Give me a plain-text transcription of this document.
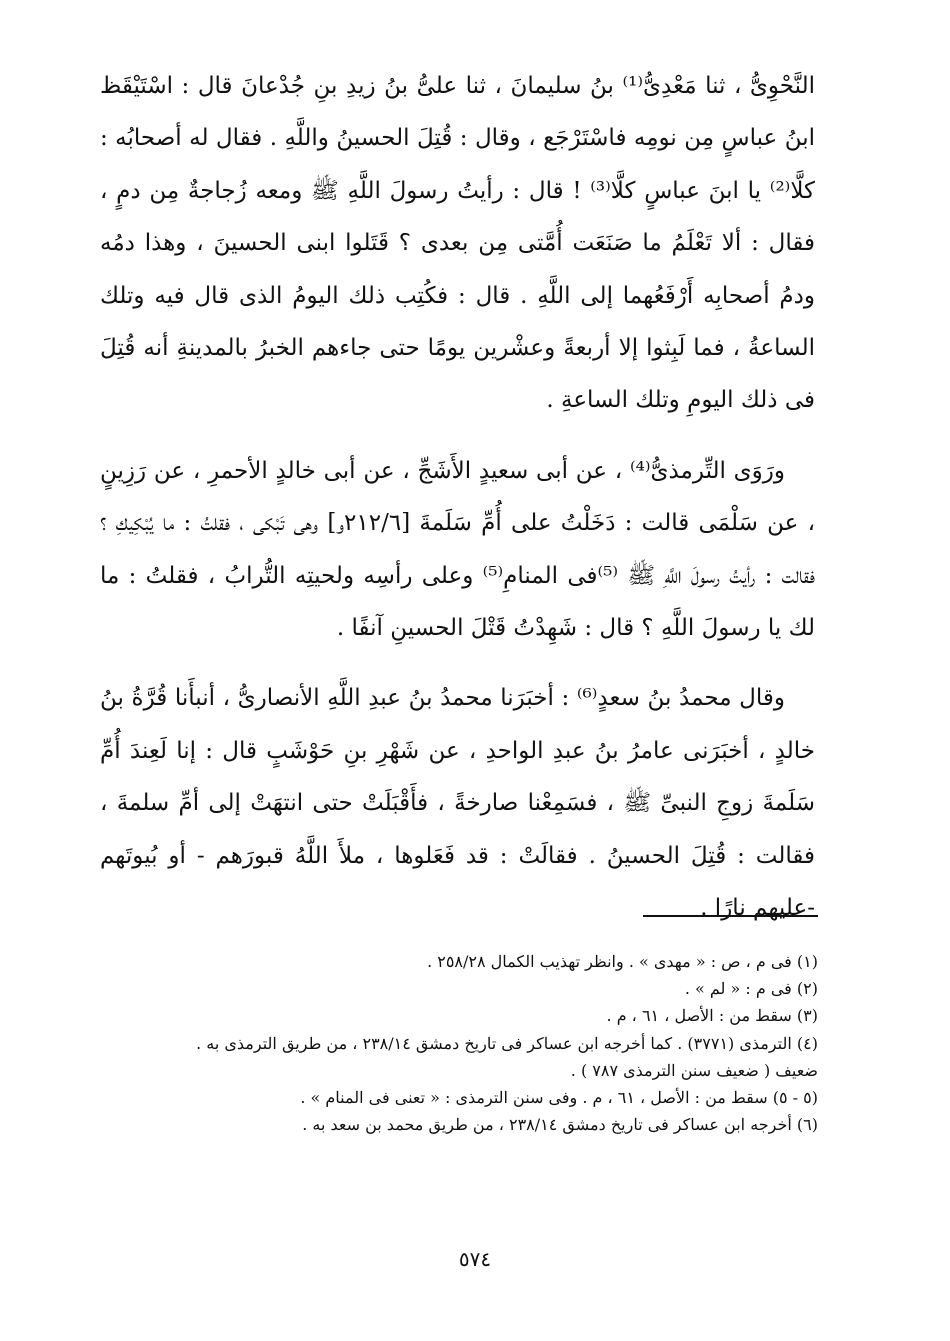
النَّحْوِىُّ ، ثنا مَعْدِىُّ⁽¹⁾ بنُ سليمانَ ، ثنا علىُّ بنُ زيدِ بنِ جُدْعانَ قال : اسْتَيْقَظ ابنُ عباسٍ مِن نومِه فاسْتَرْجَع ، وقال : قُتِلَ الحسينُ واللَّهِ . فقال له أصحابُه : كلَّا⁽²⁾ يا ابنَ عباسٍ كلَّا⁽³⁾ ! قال : رأيتُ رسولَ اللَّهِ ﷺ ومعه زُجاجةٌ مِن دمٍ ، فقال : ألا تَعْلَمُ ما صَنَعَت أُمَّتى مِن بعدى ؟ قَتَلوا ابنى الحسينَ ، وهذا دمُه ودمُ أصحابِه أَرْفَعُهما إلى اللَّهِ . قال : فكُتِب ذلك اليومُ الذى قال فيه وتلك الساعةُ ، فما لَبِثوا إلا أربعةً وعشْرين يومًا حتى جاءهم الخبرُ بالمدينةِ أنه قُتِلَ فى ذلك اليومِ وتلك الساعةِ .

ورَوَى التِّرمذىُّ⁽⁴⁾ ، عن أبى سعيدٍ الأَشَجِّ ، عن أبى خالدٍ الأحمرِ ، عن رَزِينٍ ، عن سَلْمَى قالت : دَخَلْتُ على أُمِّ سَلَمةَ [٢١٢/٦و] وهى تَبْكى ، فقلتُ : ما يُبْكِيكِ ؟ فقالت : رأيتُ رسولَ اللَّهِ ﷺ ⁽⁵⁾فى المنامِ⁽⁵⁾ وعلى رأسِه ولحيتِه التُّرابُ ، فقلتُ : ما لك يا رسولَ اللَّهِ ؟ قال : شَهِدْتُ قَتْلَ الحسينِ آنفًا .

وقال محمدُ بنُ سعدٍ⁽⁶⁾ : أخبَرَنا محمدُ بنُ عبدِ اللَّهِ الأنصارىُّ ، أنبأَنا قُرَّةُ بنُ خالدٍ ، أخبَرَنى عامرُ بنُ عبدِ الواحدِ ، عن شَهْرِ بنِ حَوْشَبٍ قال : إنا لَعِندَ أُمِّ سَلَمةَ زوجِ النبىِّ ﷺ ، فسَمِعْنا صارخةً ، فأَقْبَلَتْ حتى انتهَتْ إلى أمِّ سلمةَ ، فقالت : قُتِلَ الحسينُ . فقالَتْ : قد فَعَلوها ، ملأَ اللَّهُ قبورَهم - أو بُيوتَهم -عليهم نارًا .

(١) فى م ، ص : « مهدى » . وانظر تهذيب الكمال ٢٥٨/٢٨ .
(٢) فى م : « لم » .
(٣) سقط من : الأصل ، ٦١ ، م .
(٤) الترمذى (٣٧٧١) . كما أخرجه ابن عساكر فى تاريخ دمشق ٢٣٨/١٤ ، من طريق الترمذى به .
ضعيف ( ضعيف سنن الترمذى ٧٨٧ ) .
(٥ - ٥) سقط من : الأصل ، ٦١ ، م . وفى سنن الترمذى : « تعنى فى المنام » .
(٦) أخرجه ابن عساكر فى تاريخ دمشق ٢٣٨/١٤ ، من طريق محمد بن سعد به .
٥٧٤
